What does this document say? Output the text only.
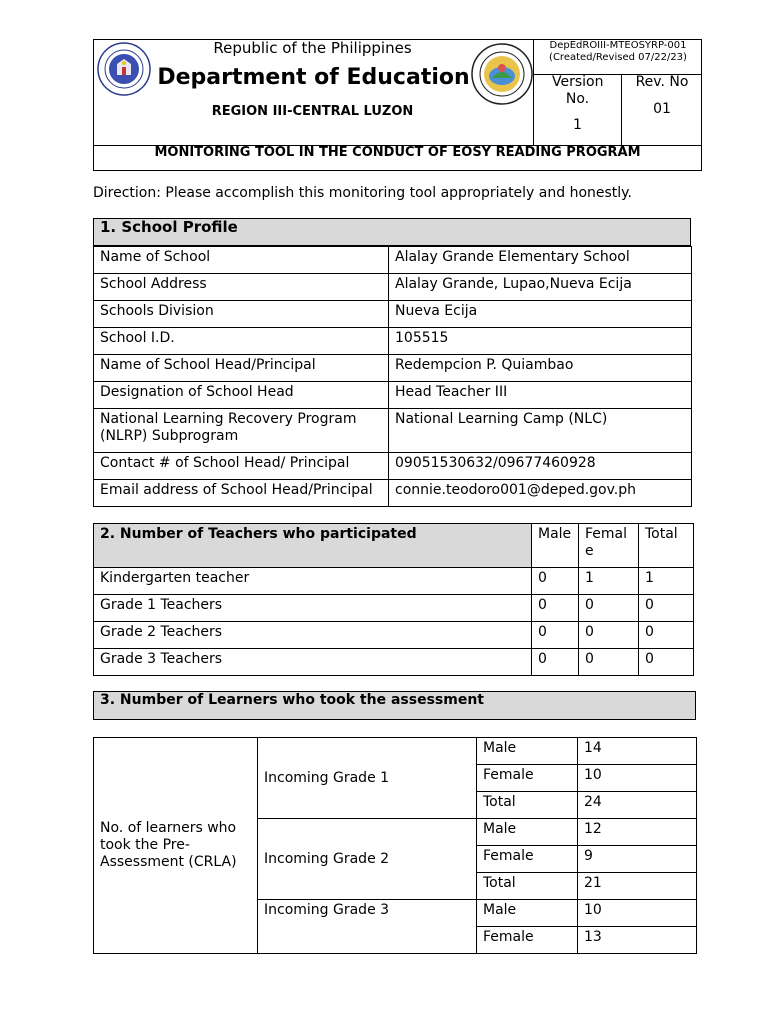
Republic of the Philippines
Department of Education
REGION III-CENTRAL LUZON
DepEdROIII-MTEOSYRP-001
(Created/Revised 07/22/23)
Version No.
1
Rev. No
01
MONITORING TOOL IN THE CONDUCT OF EOSY READING PROGRAM
Direction: Please accomplish this monitoring tool appropriately and honestly.
1. School Profile
Name of School	Alalay Grande Elementary School
School Address	Alalay Grande, Lupao,Nueva Ecija
Schools Division	Nueva Ecija
School I.D.	105515
Name of School Head/Principal	Redempcion P. Quiambao
Designation of School Head	Head Teacher III
National Learning Recovery Program (NLRP) Subprogram	National Learning Camp (NLC)
Contact # of School Head/ Principal	09051530632/09677460928
Email address of School Head/Principal	connie.teodoro001@deped.gov.ph
2. Number of Teachers who participated	Male	Female	Total
Kindergarten teacher	0	1	1
Grade 1 Teachers	0	0	0
Grade 2 Teachers	0	0	0
Grade 3 Teachers	0	0	0
3. Number of Learners who took the assessment
No. of learners who took the Pre-Assessment (CRLA)	Incoming Grade 1	Male	14
		Female	10
		Total	24
	Incoming Grade 2	Male	12
		Female	9
		Total	21
	Incoming Grade 3	Male	10
		Female	13
